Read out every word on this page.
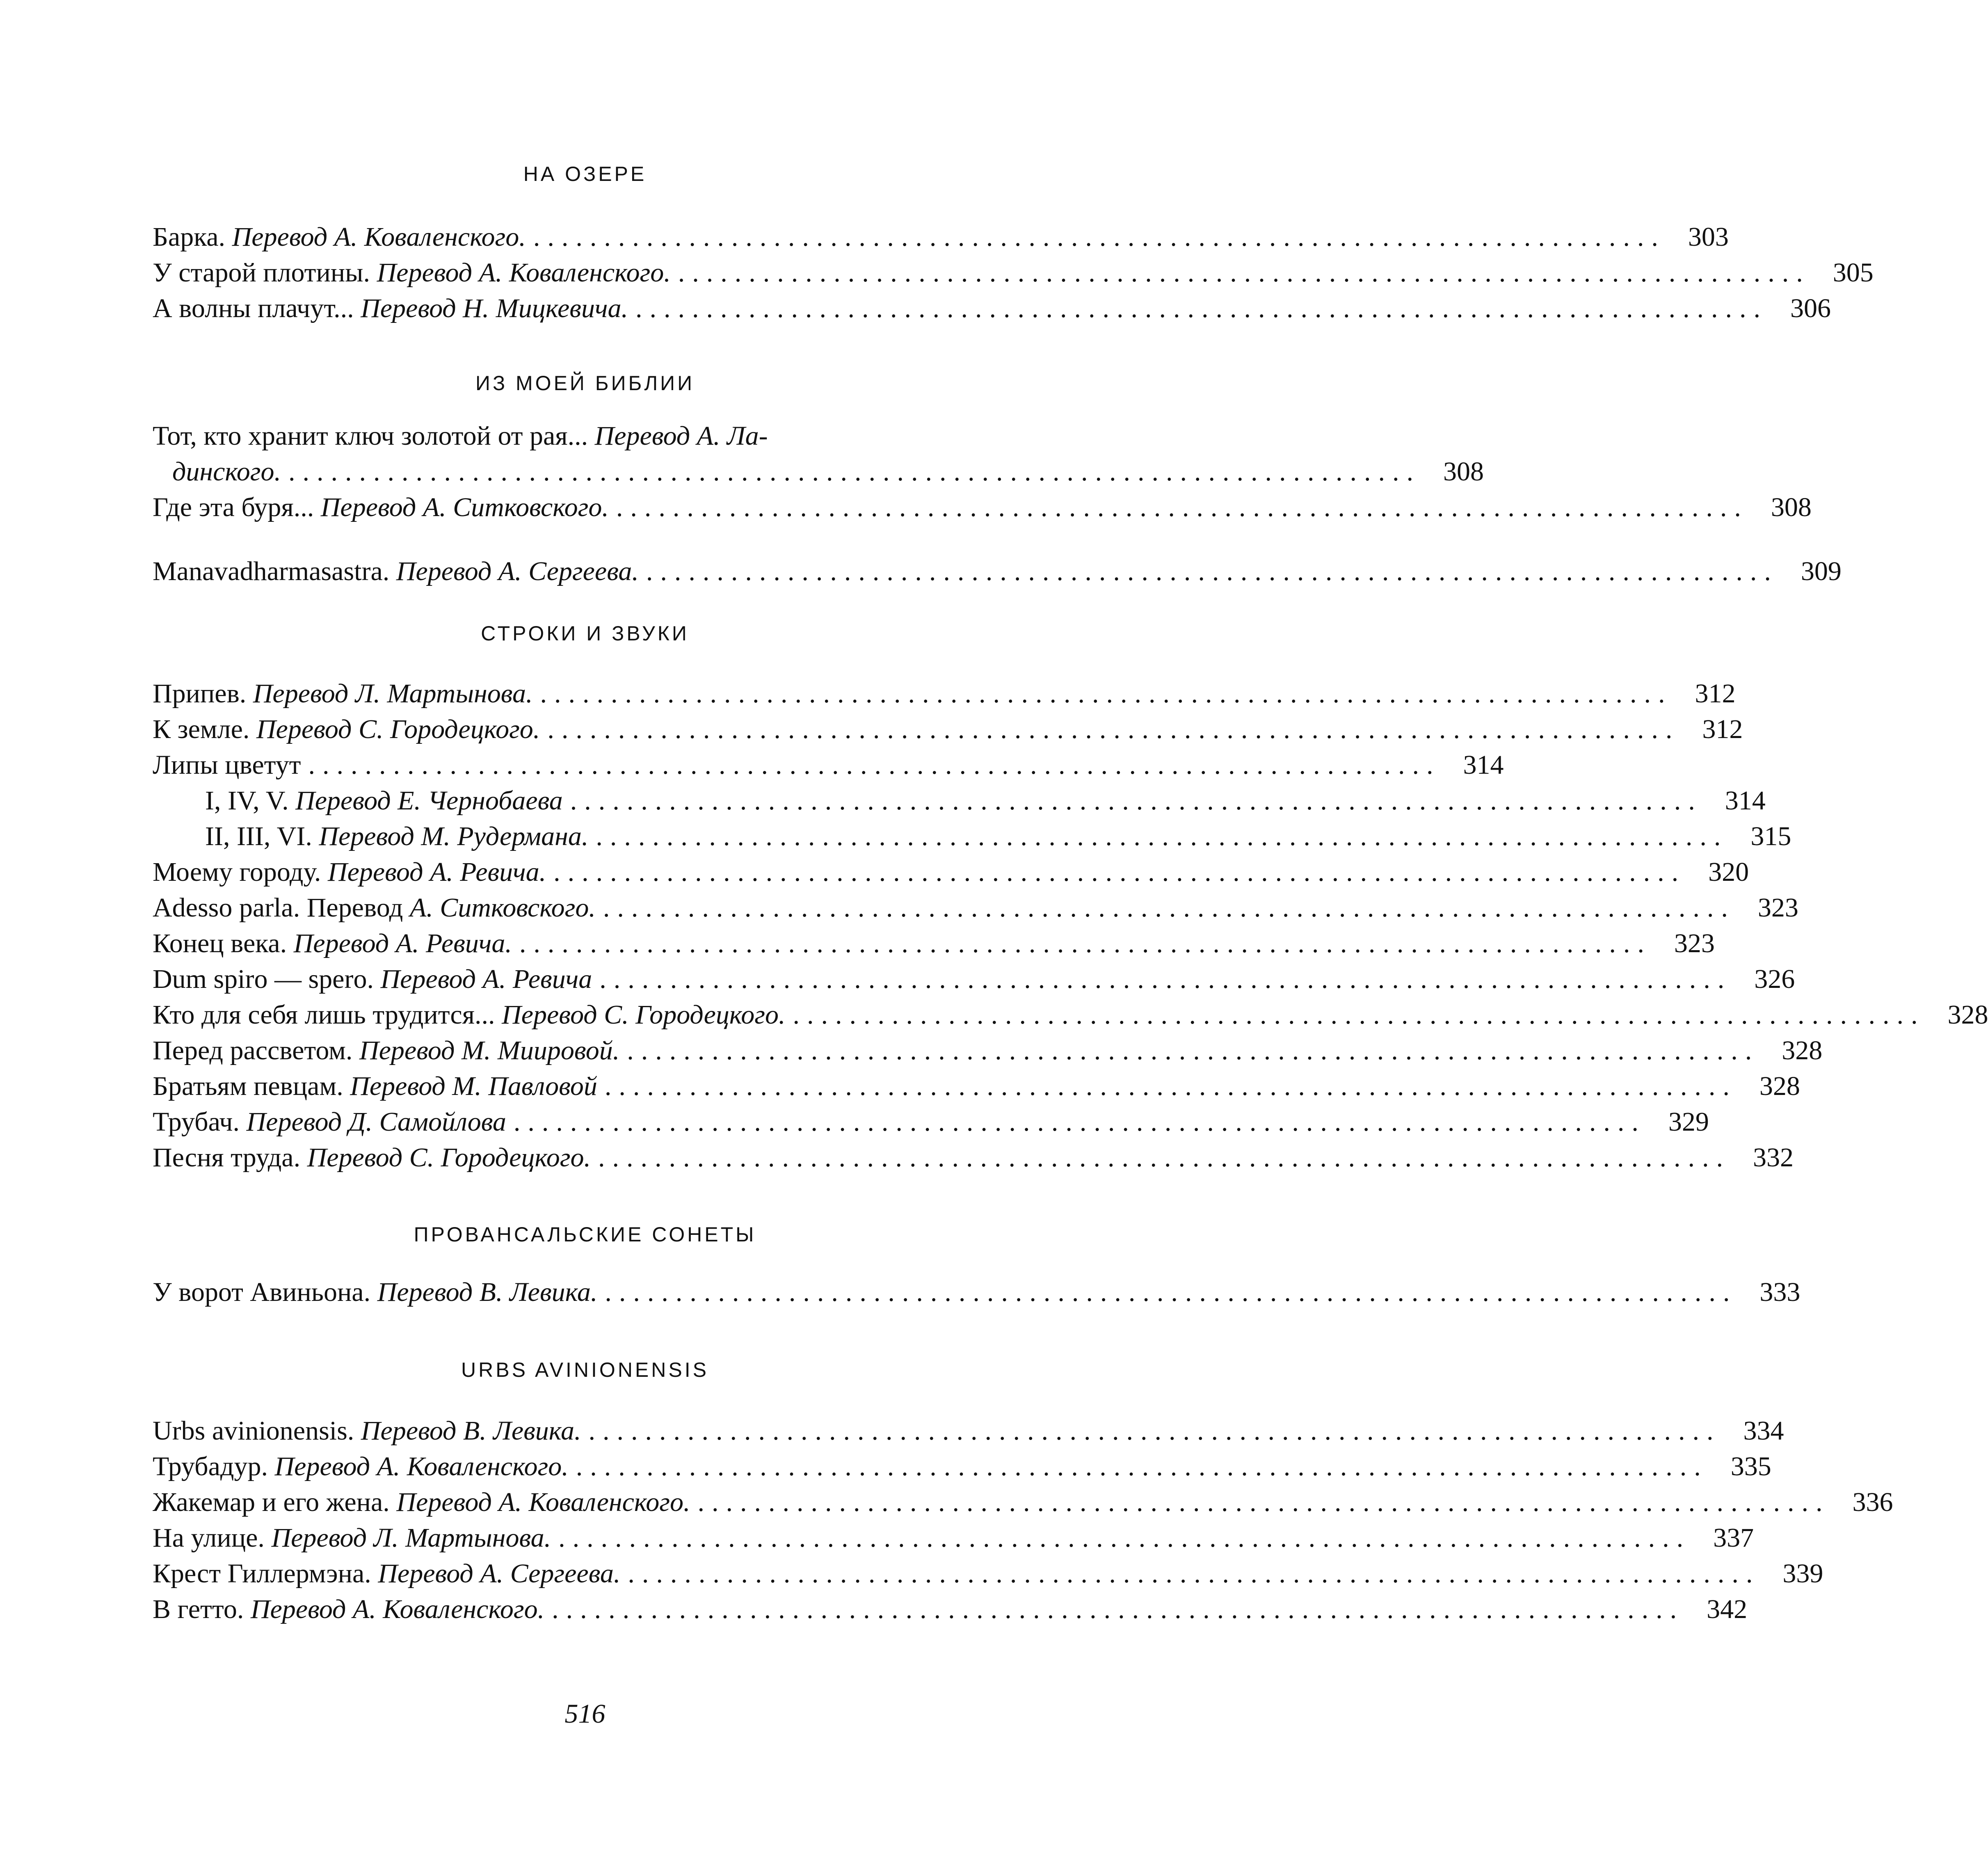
НА ОЗЕРЕ
Барка. Перевод А. Коваленского. ................................................................................ 303
У старой плотины. Перевод А. Коваленского. ................................................................................ 305
А волны плачут... Перевод Н. Мицкевича. ................................................................................ 306
ИЗ МОЕЙ БИБЛИИ
Тот, кто хранит ключ золотой от рая... Перевод А. Ла-
динского. ................................................................................ 308
Где эта буря... Перевод А. Ситковского. ................................................................................ 308
Manavadharmasastra. Перевод А. Сергеева. ................................................................................ 309
СТРОКИ И ЗВУКИ
Припев. Перевод Л. Мартынова. ................................................................................ 312
К земле. Перевод С. Городецкого. ................................................................................ 312
Липы цветут ................................................................................ 314
I, IV, V. Перевод Е. Чернобаева ................................................................................ 314
II, III, VI. Перевод М. Рудермана. ................................................................................ 315
Моему городу. Перевод А. Ревича. ................................................................................ 320
Adesso parla. Перевод А. Ситковского. ................................................................................ 323
Конец века. Перевод А. Ревича. ................................................................................ 323
Dum spiro — spero. Перевод А. Ревича ................................................................................ 326
Кто для себя лишь трудится... Перевод С. Городецкого. ................................................................................ 328
Перед рассветом. Перевод М. Миировой. ................................................................................ 328
Братьям певцам. Перевод М. Павловой ................................................................................ 328
Трубач. Перевод Д. Самойлова ................................................................................ 329
Песня труда. Перевод С. Городецкого. ................................................................................ 332
ПРОВАНСАЛЬСКИЕ СОНЕТЫ
У ворот Авиньона. Перевод В. Левика. ................................................................................ 333
URBS AVINIONENSIS
Urbs avinionensis. Перевод В. Левика. ................................................................................ 334
Трубадур. Перевод А. Коваленского. ................................................................................ 335
Жакемар и его жена. Перевод А. Коваленского. ................................................................................ 336
На улице. Перевод Л. Мартынова. ................................................................................ 337
Крест Гиллермэна. Перевод А. Сергеева. ................................................................................ 339
В гетто. Перевод А. Коваленского. ................................................................................ 342
516
